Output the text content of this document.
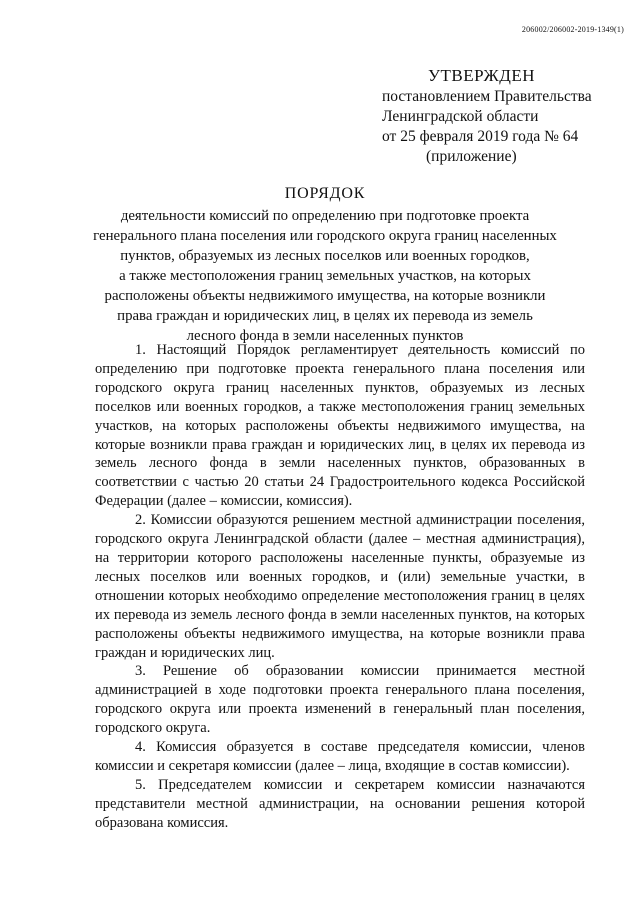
206002/206002-2019-1349(1)
УТВЕРЖДЕН
постановлением Правительства
Ленинградской области
от 25 февраля 2019 года № 64
(приложение)
ПОРЯДОК
деятельности комиссий по определению при подготовке проекта
генерального плана поселения или городского округа границ населенных
пунктов, образуемых из лесных поселков или военных городков,
а также местоположения границ земельных участков, на которых
расположены объекты недвижимого имущества, на которые возникли
права граждан и юридических лиц, в целях их перевода из земель
лесного фонда в земли населенных пунктов

1. Настоящий Порядок регламентирует деятельность комиссий по определению при подготовке проекта генерального плана поселения или городского округа границ населенных пунктов, образуемых из лесных поселков или военных городков, а также местоположения границ земельных участков, на которых расположены объекты недвижимого имущества, на которые возникли права граждан и юридических лиц, в целях их перевода из земель лесного фонда в земли населенных пунктов, образованных в соответствии с частью 20 статьи 24 Градостроительного кодекса Российской Федерации (далее – комиссии, комиссия).

2. Комиссии образуются решением местной администрации поселения, городского округа Ленинградской области (далее – местная администрация), на территории которого расположены населенные пункты, образуемые из лесных поселков или военных городков, и (или) земельные участки, в отношении которых необходимо определение местоположения границ в целях их перевода из земель лесного фонда в земли населенных пунктов, на которых расположены объекты недвижимого имущества, на которые возникли права граждан и юридических лиц.

3. Решение об образовании комиссии принимается местной администрацией в ходе подготовки проекта генерального плана поселения, городского округа или проекта изменений в генеральный план поселения, городского округа.

4. Комиссия образуется в составе председателя комиссии, членов комиссии и секретаря комиссии (далее – лица, входящие в состав комиссии).

5. Председателем комиссии и секретарем комиссии назначаются представители местной администрации, на основании решения которой образована комиссия.
